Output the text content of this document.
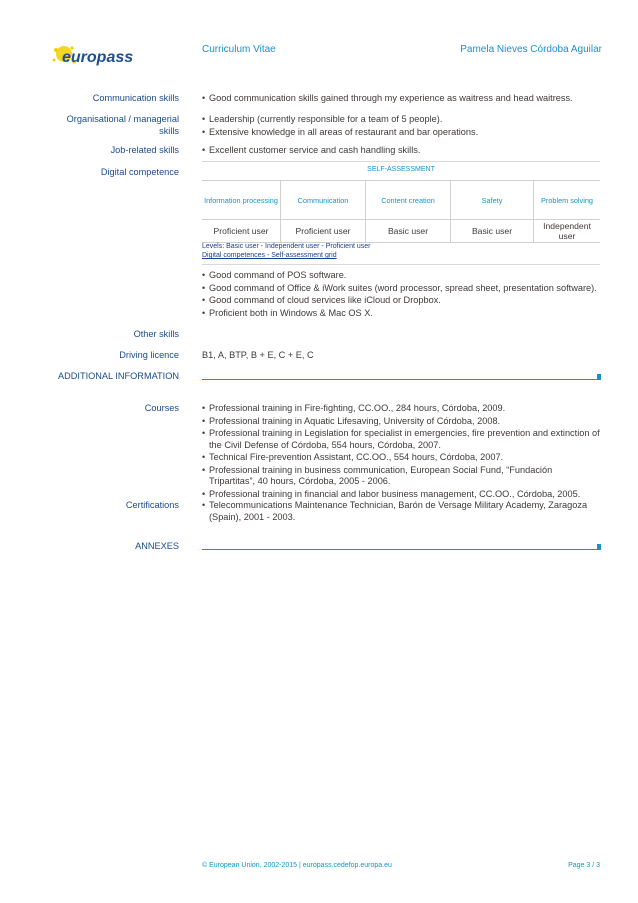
europass	Curriculum Vitae	Pamela Nieves Córdoba Aguilar
Communication skills	• Good communication skills gained through my experience as waitress and head waitress.
Organisational / managerial
skills
• Leadership (currently responsible for a team of 5 people).
• Extensive knowledge in all areas of restaurant and bar operations.
Job-related skills	• Excellent customer service and cash handling skills.
Digital competence	SELF-ASSESSMENT
Information processing	Communication	Content creation	Safety	Problem solving
Proficient user	Proficient user	Basic user	Basic user	Independent user
Levels: Basic user - Independent user - Proficient user
Digital competences - Self-assessment grid
• Good command of POS software.
• Good command of Office & iWork suites (word processor, spread sheet, presentation software).
• Good command of cloud services like iCloud or Dropbox.
• Proficient both in Windows & Mac OS X.
Other skills
Driving licence	B1, A, BTP, B + E, C + E, C
ADDITIONAL INFORMATION
Courses	• Professional training in Fire-fighting, CC.OO., 284 hours, Córdoba, 2009.
• Professional training in Aquatic Lifesaving, University of Córdoba, 2008.
• Professional training in Legislation for specialist in emergencies, fire prevention and extinction of the Civil Defense of Córdoba, 554 hours, Córdoba, 2007.
• Technical Fire-prevention Assistant, CC.OO., 554 hours, Córdoba, 2007.
• Professional training in business communication, European Social Fund, “Fundación Tripartitas”, 40 hours, Córdoba, 2005 - 2006.
• Professional training in financial and labor business management, CC.OO., Córdoba, 2005.
Certifications	• Telecommunications Maintenance Technician, Barón de Versage Military Academy, Zaragoza (Spain), 2001 - 2003.
ANNEXES
© European Union, 2002-2015 | europass.cedefop.europa.eu	Page 3 / 3
